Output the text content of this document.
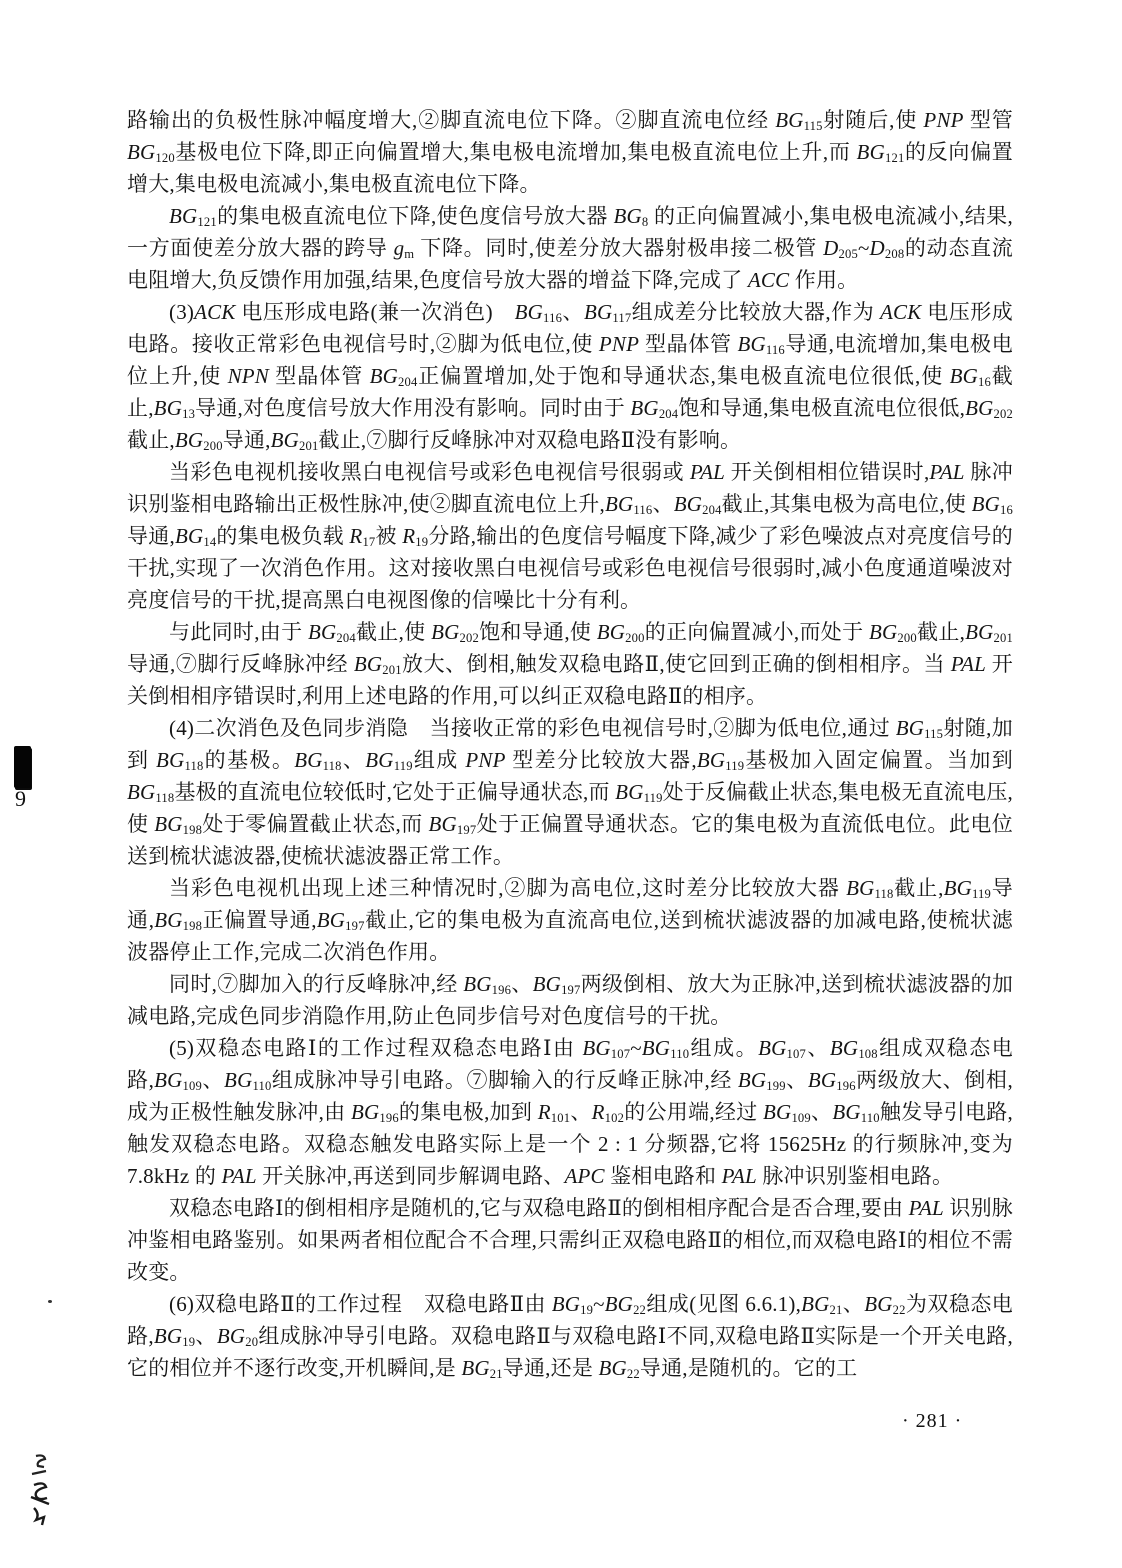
路输出的负极性脉冲幅度增大,②脚直流电位下降。②脚直流电位经 $BG_{115}$射随后,使 PNP 型管 $BG_{120}$基极电位下降,即正向偏置增大,集电极电流增加,集电极直流电位上升,而 $BG_{121}$的反向偏置增大,集电极电流减小,集电极直流电位下降。

$BG_{121}$的集电极直流电位下降,使色度信号放大器 $BG_8$ 的正向偏置减小,集电极电流减小,结果,一方面使差分放大器的跨导 $g_m$ 下降。同时,使差分放大器射极串接二极管 $D_{205}\sim D_{208}$的动态直流电阻增大,负反馈作用加强,结果,色度信号放大器的增益下降,完成了 ACC 作用。

(3)ACK 电压形成电路(兼一次消色)　$BG_{116}$、$BG_{117}$组成差分比较放大器,作为 ACK 电压形成电路。接收正常彩色电视信号时,②脚为低电位,使 PNP 型晶体管 $BG_{116}$导通,电流增加,集电极电位上升,使 NPN 型晶体管 $BG_{204}$正偏置增加,处于饱和导通状态,集电极直流电位很低,使 $BG_{16}$截止$,BG_{13}$导通,对色度信号放大作用没有影响。同时由于 $BG_{204}$饱和导通,集电极直流电位很低$,BG_{202}$截止$,BG_{200}$导通$,BG_{201}$截止,⑦脚行反峰脉冲对双稳电路Ⅱ没有影响。

当彩色电视机接收黑白电视信号或彩色电视信号很弱或 PAL 开关倒相相位错误时,PAL 脉冲识别鉴相电路输出正极性脉冲,使②脚直流电位上升$,BG_{116}$、$BG_{204}$截止,其集电极为高电位,使 $BG_{16}$导通$,BG_{14}$的集电极负载 $R_{17}$被 $R_{19}$分路,输出的色度信号幅度下降,减少了彩色噪波点对亮度信号的干扰,实现了一次消色作用。这对接收黑白电视信号或彩色电视信号很弱时,减小色度通道噪波对亮度信号的干扰,提高黑白电视图像的信噪比十分有利。

与此同时,由于 $BG_{204}$截止,使 $BG_{202}$饱和导通,使 $BG_{200}$的正向偏置减小,而处于 $BG_{200}$截止$,BG_{201}$导通,⑦脚行反峰脉冲经 $BG_{201}$放大、倒相,触发双稳电路Ⅱ,使它回到正确的倒相相序。当 PAL 开关倒相相序错误时,利用上述电路的作用,可以纠正双稳电路Ⅱ的相序。

(4)二次消色及色同步消隐　当接收正常的彩色电视信号时,②脚为低电位,通过 $BG_{115}$射随,加到 $BG_{118}$的基极。$BG_{118}$、$BG_{119}$组成 PNP 型差分比较放大器$,BG_{119}$基极加入固定偏置。当加到 $BG_{118}$基极的直流电位较低时,它处于正偏导通状态,而 $BG_{119}$处于反偏截止状态,集电极无直流电压,使 $BG_{198}$处于零偏置截止状态,而 $BG_{197}$处于正偏置导通状态。它的集电极为直流低电位。此电位送到梳状滤波器,使梳状滤波器正常工作。

当彩色电视机出现上述三种情况时,②脚为高电位,这时差分比较放大器 $BG_{118}$截止$,BG_{119}$导通$,BG_{198}$正偏置导通$,BG_{197}$截止,它的集电极为直流高电位,送到梳状滤波器的加减电路,使梳状滤波器停止工作,完成二次消色作用。

同时,⑦脚加入的行反峰脉冲,经 $BG_{196}$、$BG_{197}$两级倒相、放大为正脉冲,送到梳状滤波器的加减电路,完成色同步消隐作用,防止色同步信号对色度信号的干扰。

(5)双稳态电路Ⅰ的工作过程双稳态电路Ⅰ由 $BG_{107}\sim BG_{110}$组成。$BG_{107}$、$BG_{108}$组成双稳态电路$,BG_{109}$、$BG_{110}$组成脉冲导引电路。⑦脚输入的行反峰正脉冲,经 $BG_{199}$、$BG_{196}$两级放大、倒相,成为正极性触发脉冲,由 $BG_{196}$的集电极,加到 $R_{101}$、$R_{102}$的公用端,经过 $BG_{109}$、$BG_{110}$触发导引电路,触发双稳态电路。双稳态触发电路实际上是一个 2 : 1 分频器,它将 15625Hz 的行频脉冲,变为 7.8kHz 的 PAL 开关脉冲,再送到同步解调电路、APC 鉴相电路和 PAL 脉冲识别鉴相电路。

双稳态电路Ⅰ的倒相相序是随机的,它与双稳电路Ⅱ的倒相相序配合是否合理,要由 PAL 识别脉冲鉴相电路鉴别。如果两者相位配合不合理,只需纠正双稳电路Ⅱ的相位,而双稳电路Ⅰ的相位不需改变。

(6)双稳电路Ⅱ的工作过程　双稳电路Ⅱ由 $BG_{19}\sim BG_{22}$组成(见图 $6.6.1),BG_{21}$、$BG_{22}$为双稳态电路$,BG_{19}$、$BG_{20}$组成脉冲导引电路。双稳电路Ⅱ与双稳电路Ⅰ不同,双稳电路Ⅱ实际是一个开关电路,它的相位并不逐行改变,开机瞬间,是 $BG_{21}$导通,还是 $BG_{22}$导通,是随机的。它的工

9
· 281 ·
